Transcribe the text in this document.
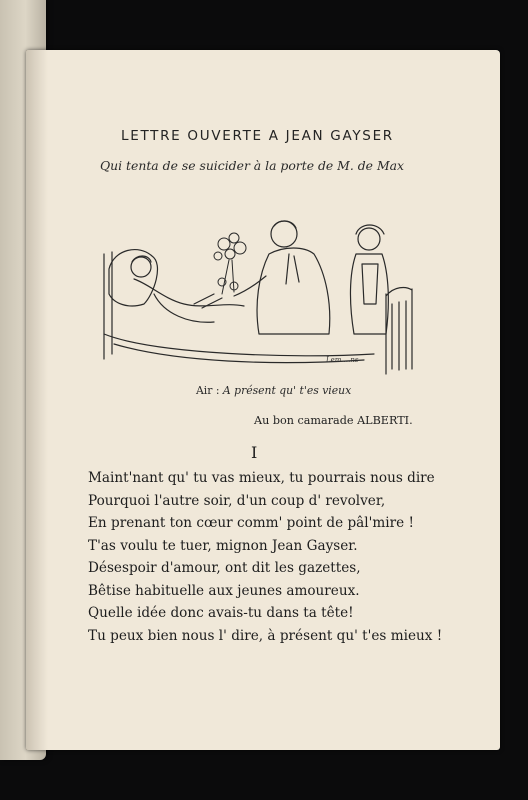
LETTRE OUVERTE A JEAN GAYSER
Qui tenta de se suicider à la porte de M. de Max
Lem ...ns
Air : A présent qu' t'es vieux
Au bon camarade ALBERTI.
I
Maint'nant qu' tu vas mieux, tu pourrais nous dire
Pourquoi l'autre soir, d'un coup d' revolver,
En prenant ton cœur comm' point de pâl'mire !
T'as voulu te tuer, mignon Jean Gayser.
Désespoir d'amour, ont dit les gazettes,
Bêtise habituelle aux jeunes amoureux.
Quelle idée donc avais-tu dans ta tête!
Tu peux bien nous l' dire, à présent qu' t'es mieux !
